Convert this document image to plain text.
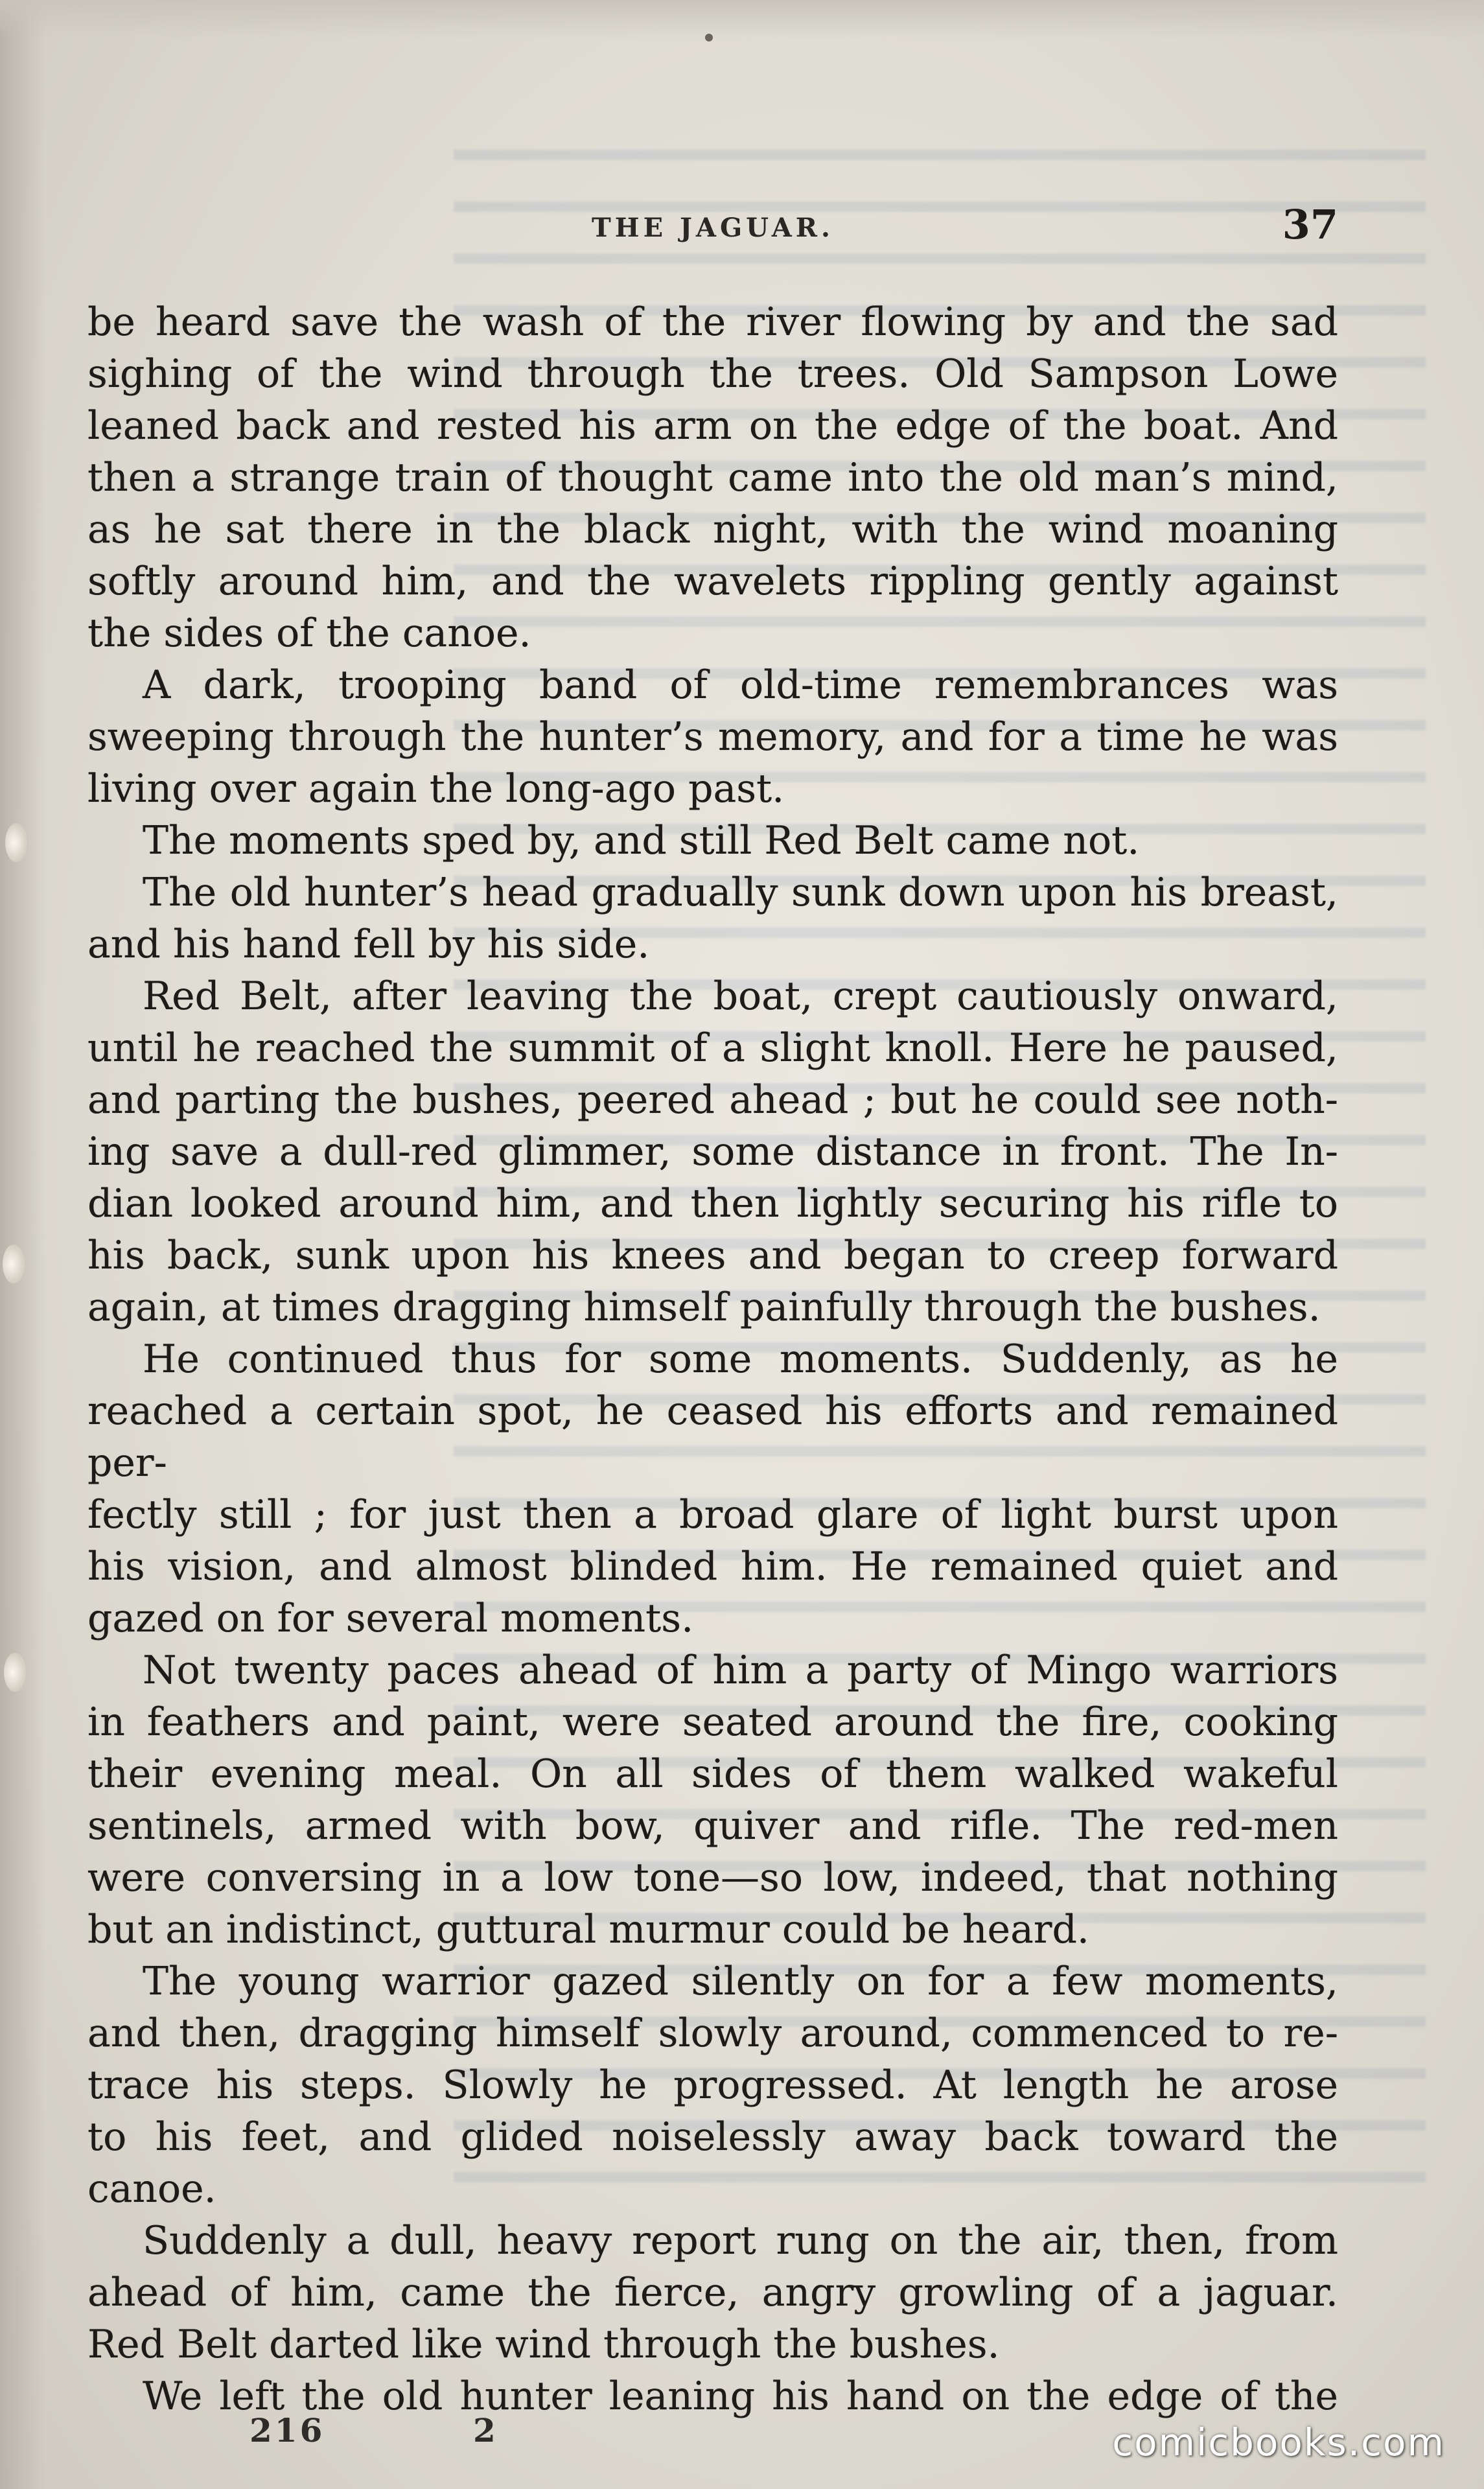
THE JAGUAR.	37

be heard save the wash of the river flowing by and the sad

sighing of the wind through the trees. Old Sampson Lowe

leaned back and rested his arm on the edge of the boat. And

then a strange train of thought came into the old man’s mind,

as he sat there in the black night, with the wind moaning

softly around him, and the wavelets rippling gently against

the sides of the canoe.

A dark, trooping band of old-time remembrances was

sweeping through the hunter’s memory, and for a time he was

living over again the long-ago past.

The moments sped by, and still Red Belt came not.

The old hunter’s head gradually sunk down upon his breast,

and his hand fell by his side.

Red Belt, after leaving the boat, crept cautiously onward,

until he reached the summit of a slight knoll. Here he paused,

and parting the bushes, peered ahead ; but he could see noth-

ing save a dull-red glimmer, some distance in front. The In-

dian looked around him, and then lightly securing his rifle to

his back, sunk upon his knees and began to creep forward

again, at times dragging himself painfully through the bushes.

He continued thus for some moments. Suddenly, as he

reached a certain spot, he ceased his efforts and remained per-

fectly still ; for just then a broad glare of light burst upon

his vision, and almost blinded him. He remained quiet and

gazed on for several moments.

Not twenty paces ahead of him a party of Mingo warriors

in feathers and paint, were seated around the fire, cooking

their evening meal. On all sides of them walked wakeful

sentinels, armed with bow, quiver and rifle. The red-men

were conversing in a low tone—so low, indeed, that nothing

but an indistinct, guttural murmur could be heard.

The young warrior gazed silently on for a few moments,

and then, dragging himself slowly around, commenced to re-

trace his steps. Slowly he progressed. At length he arose

to his feet, and glided noiselessly away back toward the

canoe.

Suddenly a dull, heavy report rung on the air, then, from

ahead of him, came the fierce, angry growling of a jaguar.

Red Belt darted like wind through the bushes.

We left the old hunter leaning his hand on the edge of the

216	2	comicbooks.com
